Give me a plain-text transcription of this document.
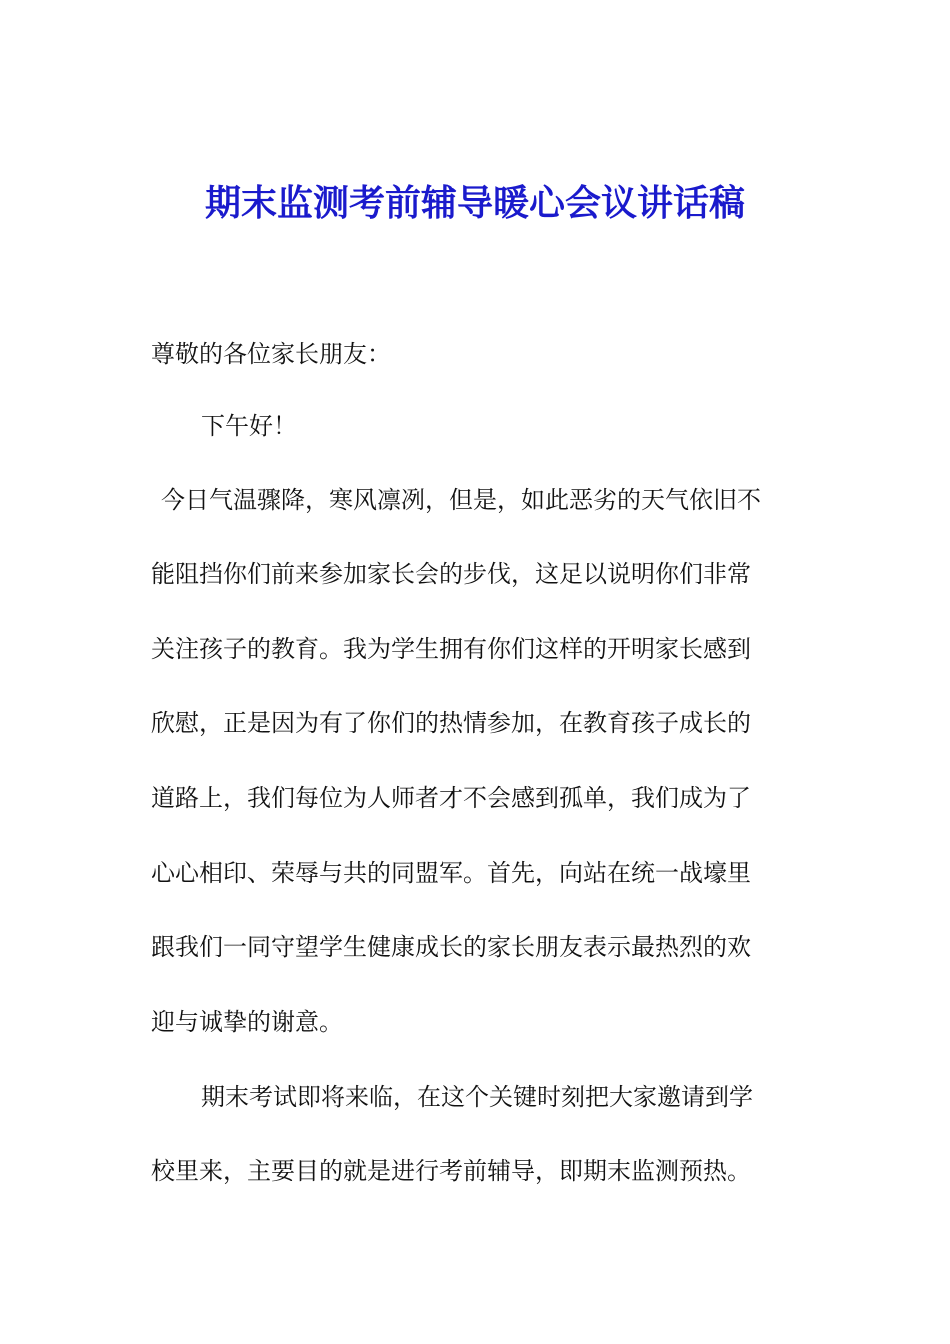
期末监测考前辅导暖心会议讲话稿
尊敬的各位家长朋友：
下午好！
今日气温骤降，寒风凛冽，但是，如此恶劣的天气依旧不
能阻挡你们前来参加家长会的步伐，这足以说明你们非常
关注孩子的教育。我为学生拥有你们这样的开明家长感到
欣慰，正是因为有了你们的热情参加，在教育孩子成长的
道路上，我们每位为人师者才不会感到孤单，我们成为了
心心相印、荣辱与共的同盟军。首先，向站在统一战壕里
跟我们一同守望学生健康成长的家长朋友表示最热烈的欢
迎与诚挚的谢意。
期末考试即将来临，在这个关键时刻把大家邀请到学
校里来，主要目的就是进行考前辅导，即期末监测预热。
